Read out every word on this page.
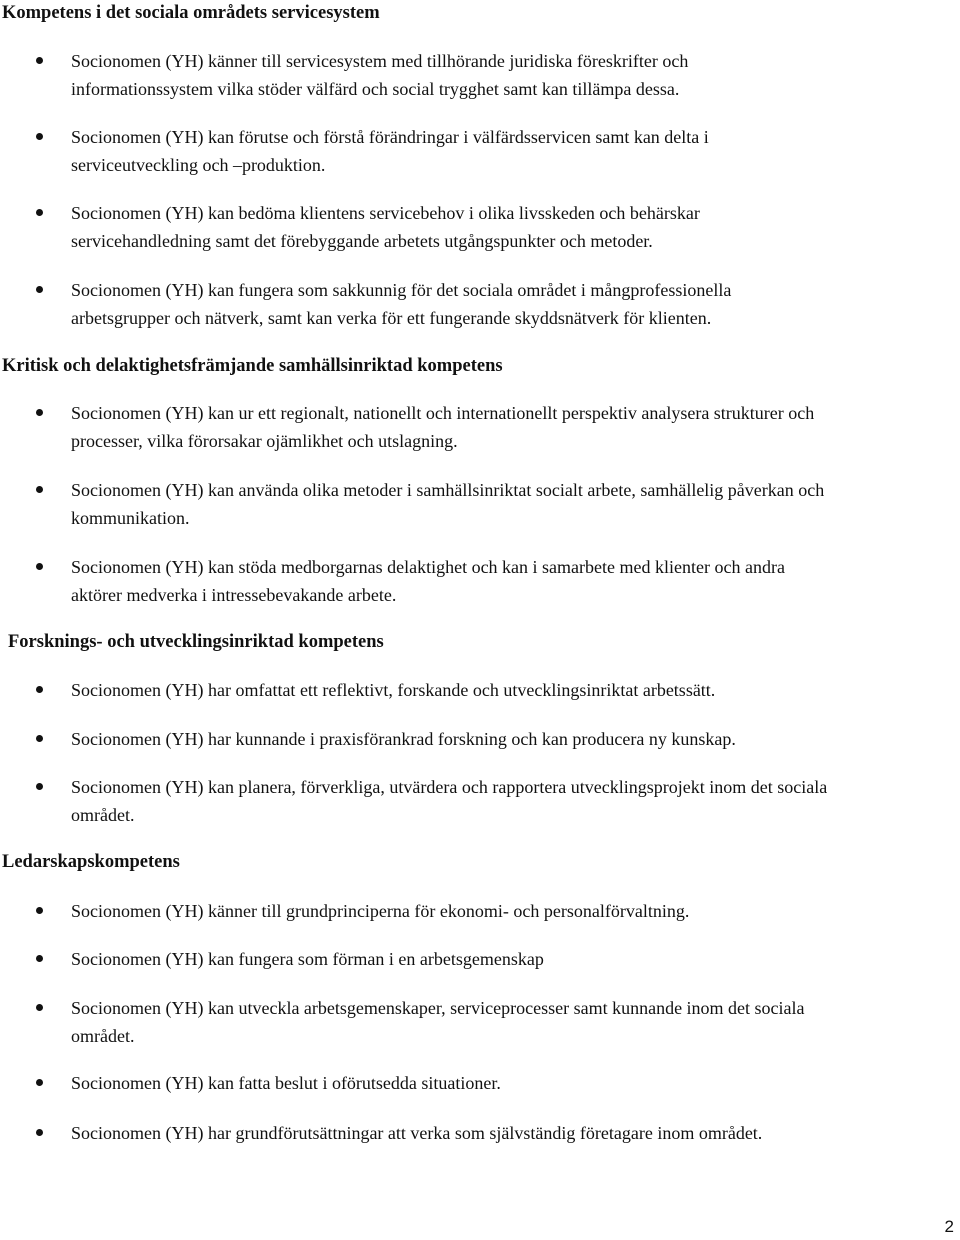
Kompetens i det sociala områdets servicesystem
Socionomen (YH) känner till servicesystem med tillhörande juridiska föreskrifter och
informationssystem vilka stöder välfärd och social trygghet samt kan tillämpa dessa.
Socionomen (YH) kan förutse och förstå förändringar i välfärdsservicen samt kan delta i
serviceutveckling och –produktion.
Socionomen (YH) kan bedöma klientens servicebehov i olika livsskeden och behärskar
servicehandledning samt det förebyggande arbetets utgångspunkter och metoder.
Socionomen (YH) kan fungera som sakkunnig för det sociala området i mångprofessionella
arbetsgrupper och nätverk, samt kan verka för ett fungerande skyddsnätverk för klienten.
Kritisk och delaktighetsfrämjande samhällsinriktad kompetens
Socionomen (YH) kan ur ett regionalt, nationellt och internationellt perspektiv analysera strukturer och
processer, vilka förorsakar ojämlikhet och utslagning.
Socionomen (YH) kan använda olika metoder i samhällsinriktat socialt arbete, samhällelig påverkan och
kommunikation.
Socionomen (YH) kan stöda medborgarnas delaktighet och kan i samarbete med klienter och andra
aktörer medverka i intressebevakande arbete.
Forsknings- och utvecklingsinriktad kompetens
Socionomen (YH) har omfattat ett reflektivt, forskande och utvecklingsinriktat arbetssätt.
Socionomen (YH) har kunnande i praxisförankrad forskning och kan producera ny kunskap.
Socionomen (YH) kan planera, förverkliga, utvärdera och rapportera utvecklingsprojekt inom det sociala
området.
Ledarskapskompetens
Socionomen (YH) känner till grundprinciperna för ekonomi- och personalförvaltning.
Socionomen (YH) kan fungera som förman i en arbetsgemenskap
Socionomen (YH) kan utveckla arbetsgemenskaper, serviceprocesser samt kunnande inom det sociala
området.
Socionomen (YH) kan fatta beslut i oförutsedda situationer.
Socionomen (YH) har grundförutsättningar att verka som självständig företagare inom området.
2
